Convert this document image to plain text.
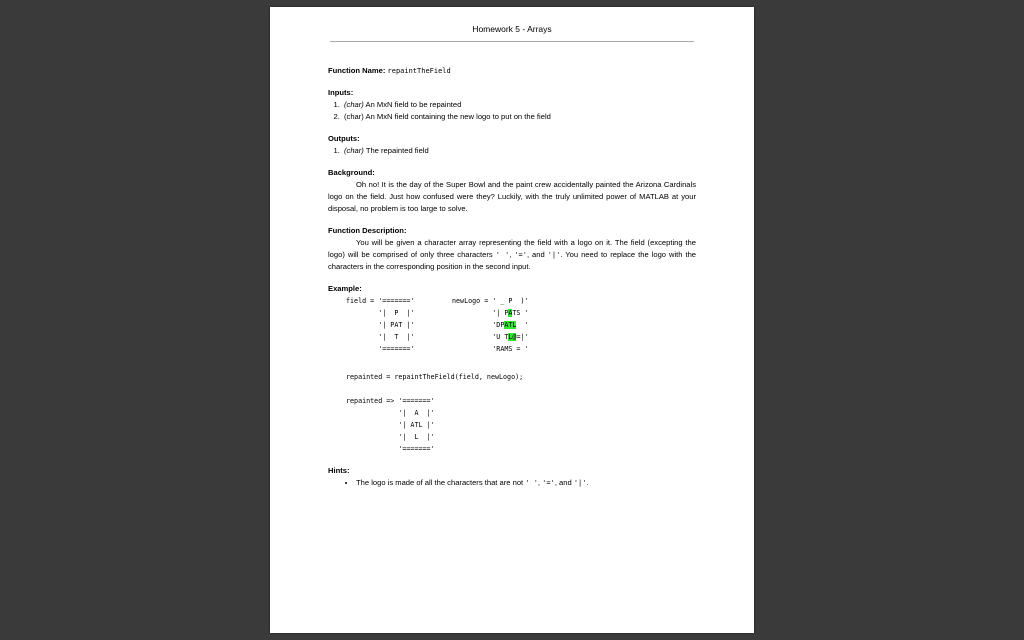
Homework 5 - Arrays
Function Name: repaintTheField
Inputs:
1. (char) An MxN field to be repainted
2. (char) An MxN field containing the new logo to put on the field
Outputs:
1. (char) The repainted field
Background:
Oh no! It is the day of the Super Bowl and the paint crew accidentally painted the Arizona Cardinals logo on the field. Just how confused were they? Luckily, with the truly unlimited power of MATLAB at your disposal, no problem is too large to solve.
Function Description:
You will be given a character array representing the field with a logo on it. The field (excepting the logo) will be comprised of only three characters ' ', '=', and '|'. You need to replace the logo with the characters in the corresponding position in the second input.
Example:
field = '======='
'|  P  |'
'| PAT |'
'|  T  |'
'======='
newLogo = ' _ P  )'
'| PATS '
'DPATL  '
'U TL@=|'
'RAMS = '
repainted = repaintTheField(field, newLogo);
repainted => '======='
'|  A  |'
'| ATL |'
'|  L  |'
'======='
Hints:
• The logo is made of all the characters that are not ' ', '=', and '|'.
